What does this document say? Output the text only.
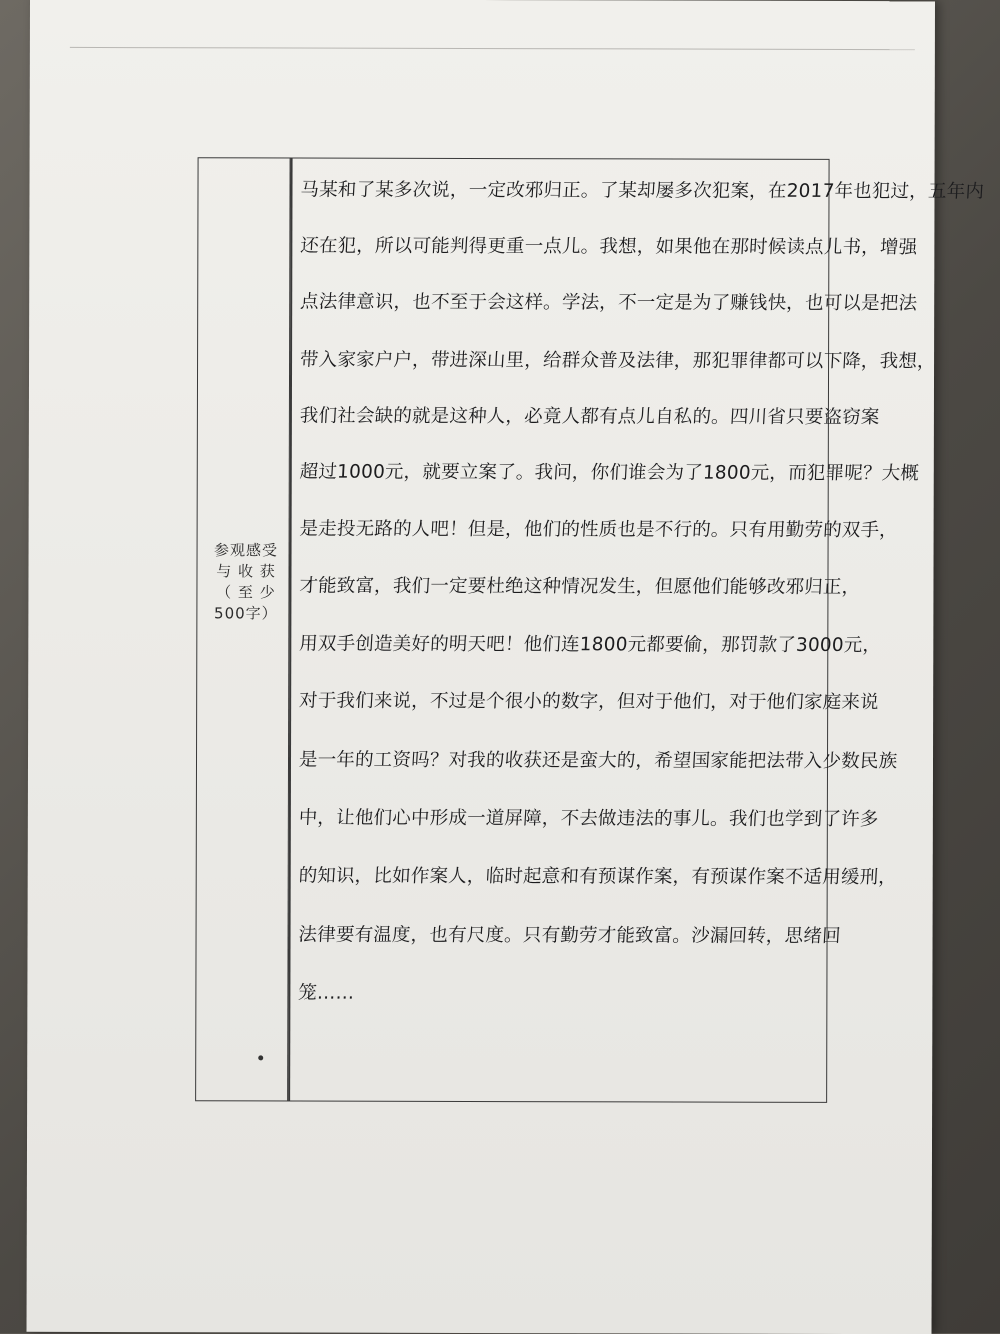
参观感受
与 收 获
（ 至 少
500字）
马某和了某多次说，一定改邪归正。了某却屡多次犯案，在2017年也犯过，五年内
还在犯，所以可能判得更重一点儿。我想，如果他在那时候读点儿书，增强
点法律意识，也不至于会这样。学法，不一定是为了赚钱快，也可以是把法
带入家家户户，带进深山里，给群众普及法律，那犯罪律都可以下降，我想，
我们社会缺的就是这种人，必竟人都有点儿自私的。四川省只要盗窃案
超过1000元，就要立案了。我问，你们谁会为了1800元，而犯罪呢？大概
是走投无路的人吧！但是，他们的性质也是不行的。只有用勤劳的双手，
才能致富，我们一定要杜绝这种情况发生，但愿他们能够改邪归正，
用双手创造美好的明天吧！他们连1800元都要偷，那罚款了3000元，
对于我们来说，不过是个很小的数字，但对于他们，对于他们家庭来说
是一年的工资吗？对我的收获还是蛮大的，希望国家能把法带入少数民族
中，让他们心中形成一道屏障，不去做违法的事儿。我们也学到了许多
的知识，比如作案人，临时起意和有预谋作案，有预谋作案不适用缓刑，
法律要有温度，也有尺度。只有勤劳才能致富。沙漏回转，思绪回
笼……
